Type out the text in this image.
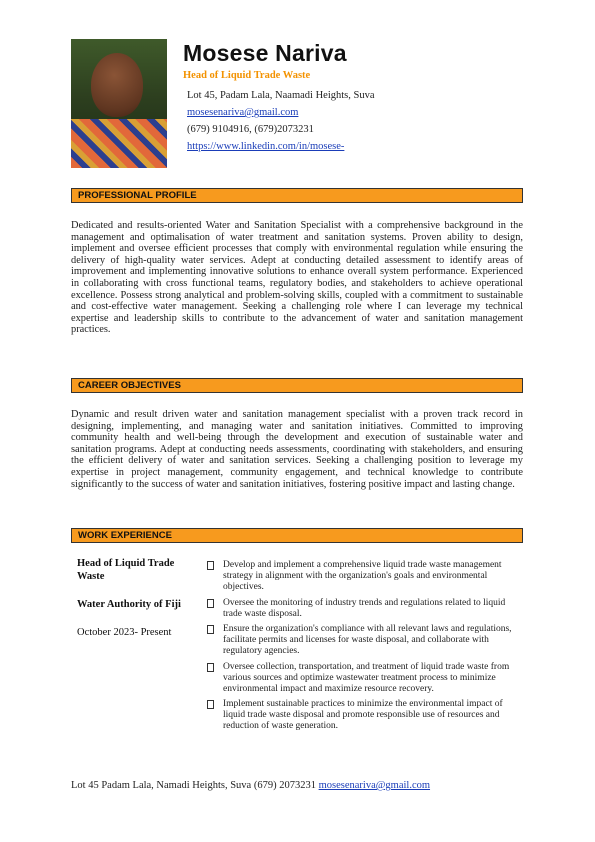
Mosese Nariva
Head of Liquid Trade Waste
Lot 45, Padam Lala, Naamadi Heights, Suva
mosesenariva@gmail.com
(679) 9104916, (679)2073231
https://www.linkedin.com/in/mosese-
PROFESSIONAL PROFILE

Dedicated and results-oriented Water and Sanitation Specialist with a comprehensive background in the management and optimalisation of water treatment and sanitation systems. Proven ability to design, implement and oversee efficient processes that comply with environmental regulation while ensuring the delivery of high-quality water services. Adept at conducting detailed assessment to identify areas of improvement and implementing innovative solutions to enhance overall system performance. Experienced in collaborating with cross functional teams, regulatory bodies, and stakeholders to achieve operational excellence. Possess strong analytical and problem-solving skills, coupled with a commitment to sustainable and cost-effective water management. Seeking a challenging role where I can leverage my technical expertise and leadership skills to contribute to the advancement of water and sanitation management practices.

CAREER OBJECTIVES

Dynamic and result driven water and sanitation management specialist with a proven track record in designing, implementing, and managing water and sanitation initiatives. Committed to improving community health and well-being through the development and execution of sustainable water and sanitation programs. Adept at conducting needs assessments, coordinating with stakeholders, and ensuring the efficient delivery of water and sanitation services. Seeking a challenging position to leverage my expertise in project management, community engagement, and technical knowledge to contribute significantly to the success of water and sanitation initiatives, fostering positive impact and lasting change.

WORK EXPERIENCE
Head of Liquid Trade Waste
Water Authority of Fiji
October 2023- Present
Develop and implement a comprehensive liquid trade waste management strategy in alignment with the organization's goals and environmental objectives.
Oversee the monitoring of industry trends and regulations related to liquid trade waste disposal.
Ensure the organization's compliance with all relevant laws and regulations, facilitate permits and licenses for waste disposal, and collaborate with regulatory agencies.
Oversee collection, transportation, and treatment of liquid trade waste from various sources and optimize wastewater treatment process to minimize environmental impact and maximize resource recovery.
Implement sustainable practices to minimize the environmental impact of liquid trade waste disposal and promote responsible use of resources and reduction of waste generation.
Lot 45 Padam Lala, Namadi Heights, Suva (679) 2073231 mosesenariva@gmail.com
